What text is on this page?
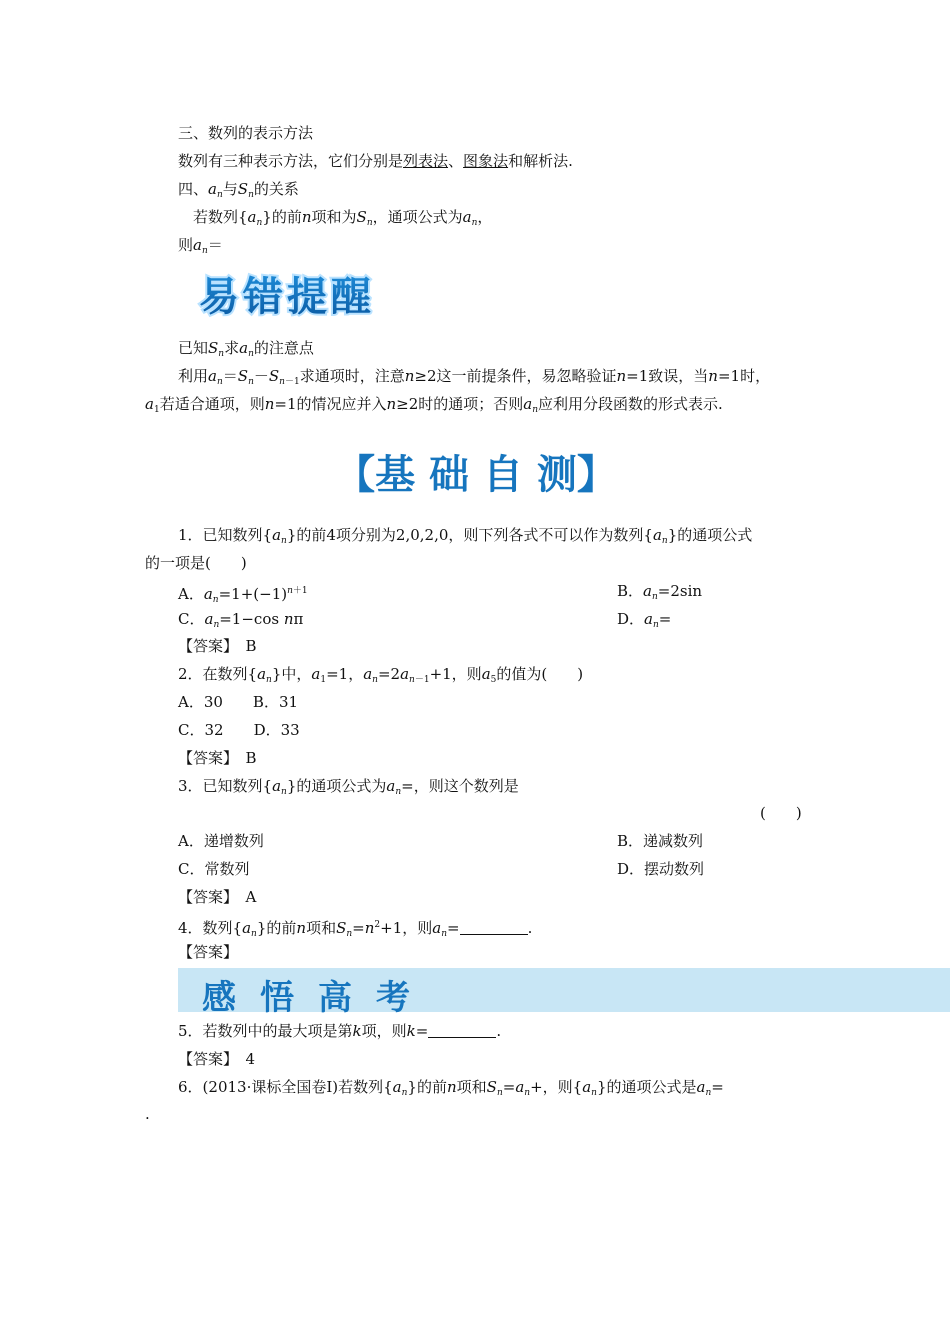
三、数列的表示方法
数列有三种表示方法，它们分别是列表法、图象法和解析法.
四、$a_n$与$S_n$的关系
若数列$\{a_n\}$的前n项和为$S_n$，通项公式为$a_n$，
则$a_n=$
易错提醒
已知$S_n$求$a_n$的注意点
利用$a_n=S_n-S_{n-1}$求通项时，注意n≥2这一前提条件，易忽略验证n=1致误，当n=1时，
$a_1$若适合通项，则n=1的情况应并入n≥2时的通项；否则$a_n$应利用分段函数的形式表示.
【基 础 自 测】
1．已知数列$\{a_n\}$的前4项分别为2,0,2,0，则下列各式不可以作为数列$\{a_n\}$的通项公式
的一项是(　　)
A．$a_n=1+(-1)^{n+1}$	B．$a_n=2\sin$
C．$a_n=1-\cos$ nπ	D．$a_n=$
【答案】　 B
2．在数列$\{a_n\}$中，$a_1=1$，$a_n=2a_{n-1}+1$，则$a_5$的值为(　　)
A．30　　B．31
C．32　　D．33
【答案】　 B
3．已知数列$\{a_n\}$的通项公式为$a_n=$，则这个数列是
(　　)
A．递增数列	B．递减数列
C．常数列	D．摆动数列
【答案】　 A
4．数列$\{a_n\}$的前n项和$S_n=n^2+1$，则$a_n=$	.
【答案】
感 悟 高 考
5．若数列中的最大项是第k项，则k=	.
【答案】　 4
6．(2013·课标全国卷Ⅰ)若数列$\{a_n\}$的前n项和$S_n=a_n+$，则$\{a_n\}$的通项公式是$a_n=$
.
